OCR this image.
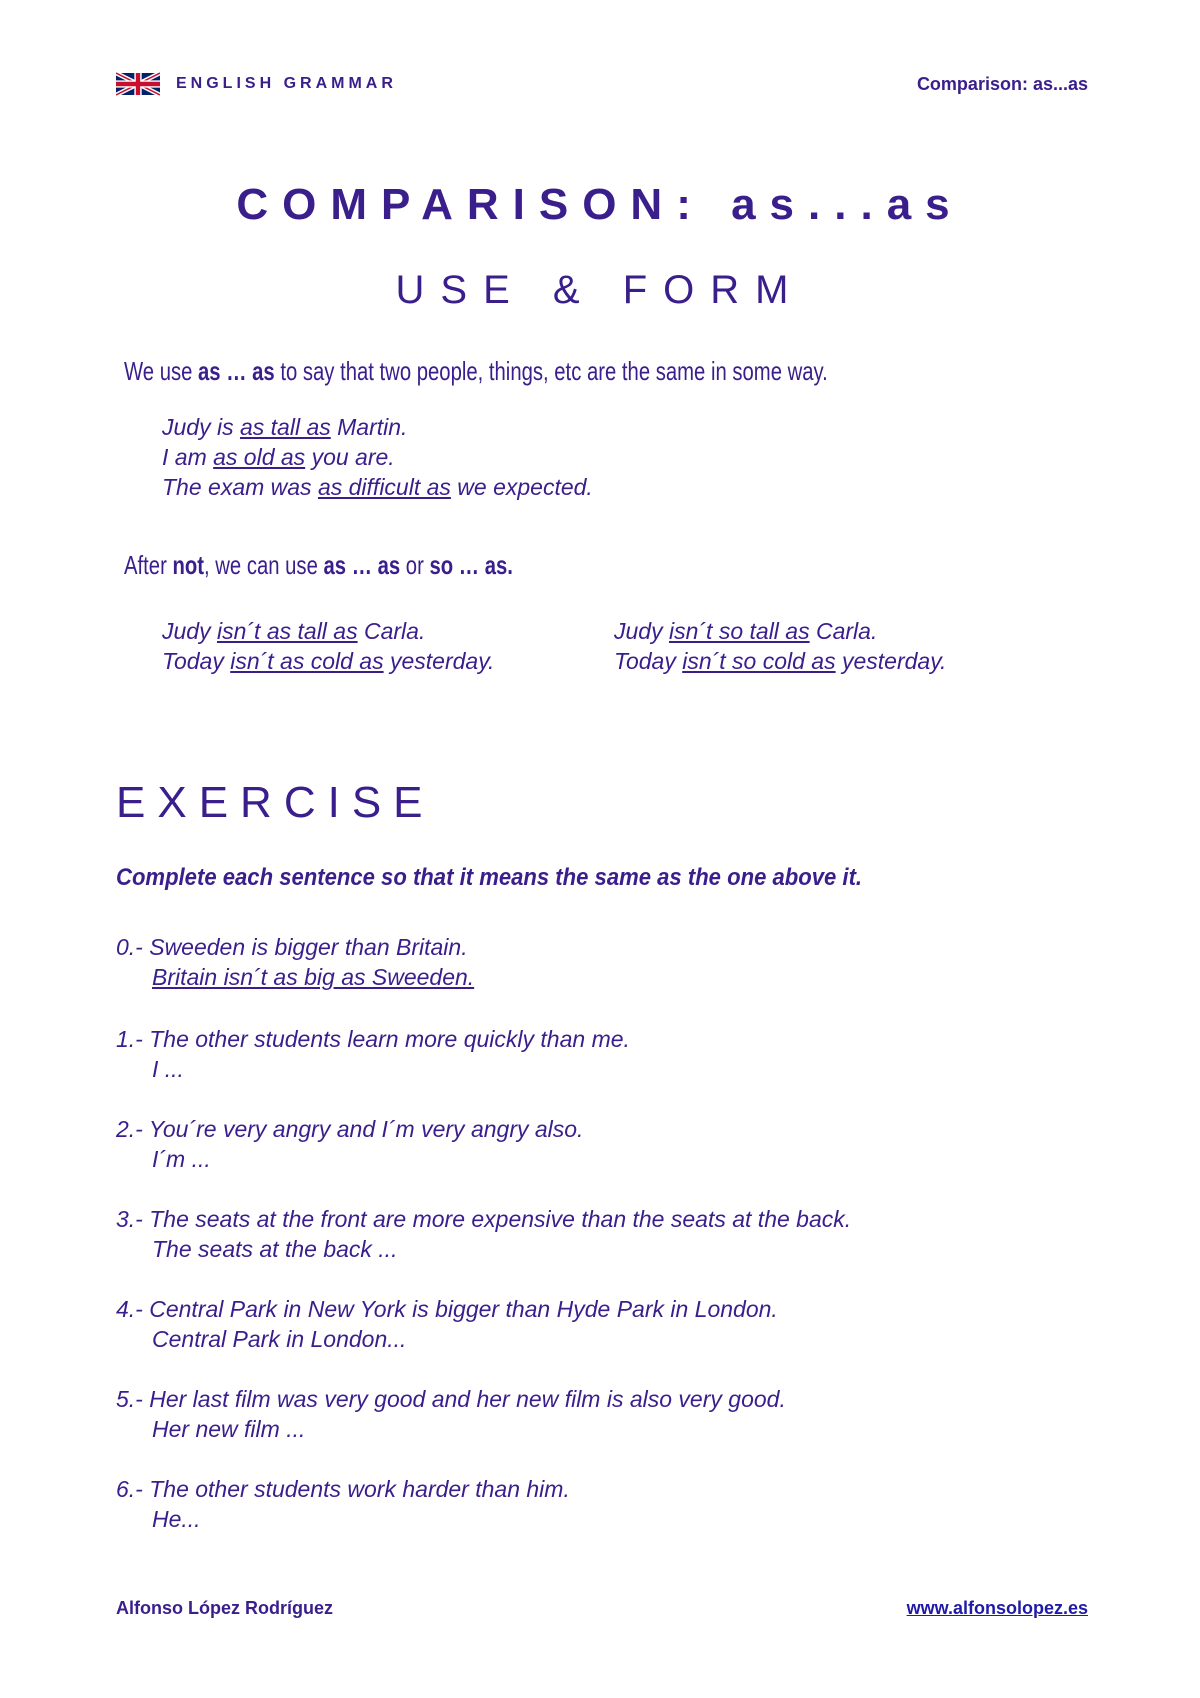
ENGLISH GRAMMAR	Comparison: as...as
COMPARISON: as...as
USE & FORM
We use as … as to say that two people, things, etc are the same in some way.
Judy is as tall as Martin.
I am as old as you are.
The exam was as difficult as we expected.
After not, we can use as … as or so … as.
Judy isn´t as tall as Carla.
Today isn´t as cold as yesterday.
Judy isn´t so tall as Carla.
Today isn´t so cold as yesterday.
EXERCISE
Complete each sentence so that it means the same as the one above it.
0.- Sweeden is bigger than Britain.
Britain isn´t as big as Sweeden.
1.- The other students learn more quickly than me.
I ...
2.- You´re very angry and I´m very angry also.
I´m ...
3.- The seats at the front are more expensive than the seats at the back.
The seats at the back ...
4.- Central Park in New York is bigger than Hyde Park in London.
Central Park in London...
5.- Her last film was very good and her new film is also very good.
Her new film ...
6.- The other students work harder than him.
He...
Alfonso López Rodríguez	www.alfonsolopez.es
